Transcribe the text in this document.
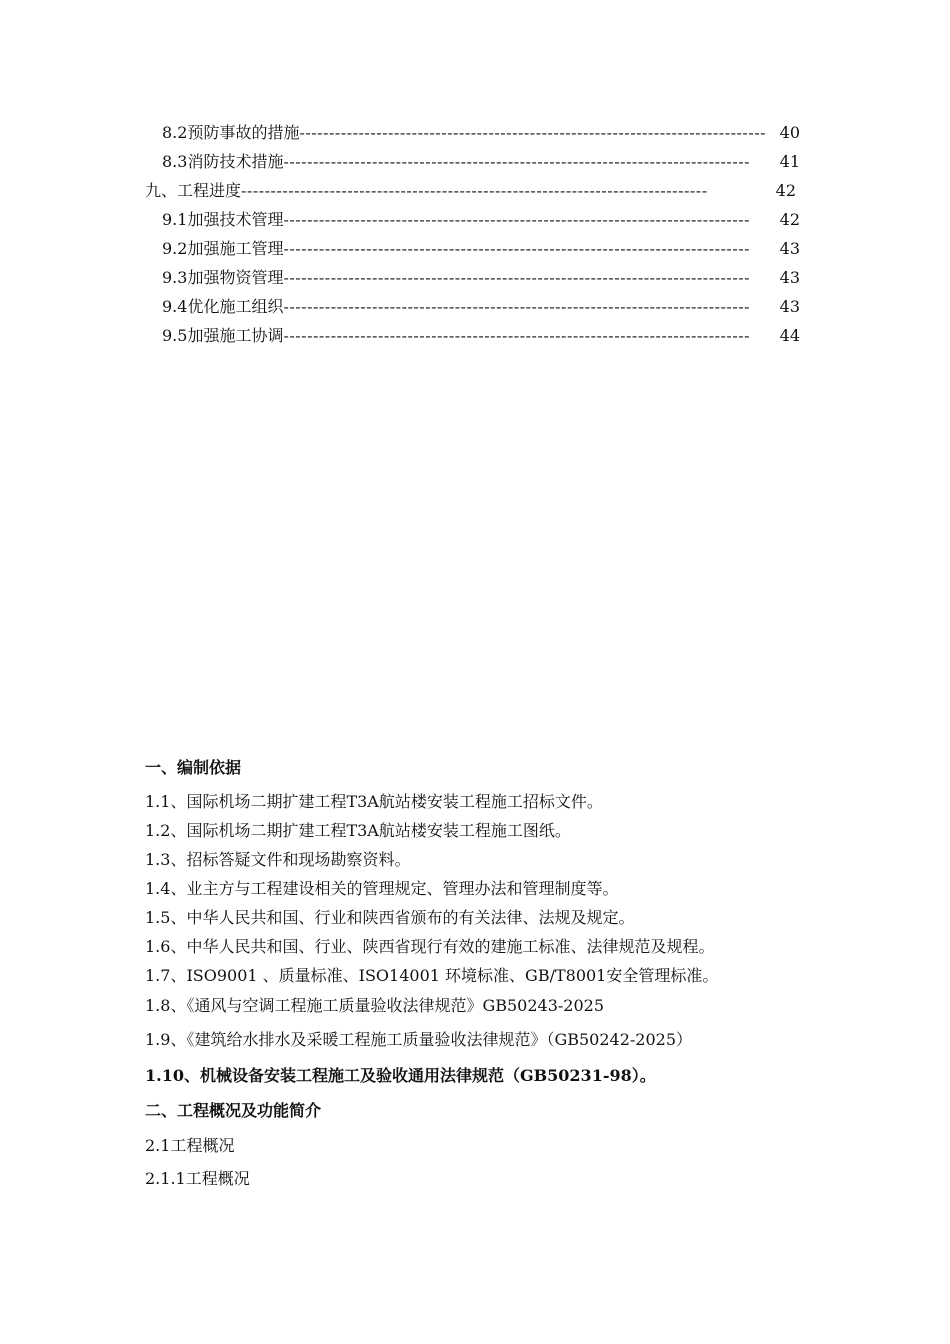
8.2预防事故的措施 ------------------------------------------------------------------------------- 40
8.3消防技术措施 -------------------------------------------------------------------------------	41
九、工程进度 -------------------------------------------------------------------------------	42
9.1加强技术管理 -------------------------------------------------------------------------------	42
9.2加强施工管理 -------------------------------------------------------------------------------	43
9.3加强物资管理 -------------------------------------------------------------------------------	43
9.4优化施工组织 -------------------------------------------------------------------------------	43
9.5加强施工协调 -------------------------------------------------------------------------------	44
一、编制依据
1.1、国际机场二期扩建工程T3A航站楼安装工程施工招标文件。
1.2、国际机场二期扩建工程T3A航站楼安装工程施工图纸。
1.3、招标答疑文件和现场勘察资料。
1.4、业主方与工程建设相关的管理规定、管理办法和管理制度等。
1.5、中华人民共和国、行业和陕西省颁布的有关法律、法规及规定。
1.6、中华人民共和国、行业、陕西省现行有效的建施工标准、法律规范及规程。
1.7、ISO9001 、质量标准、ISO14001 环境标准、GB/T8001安全管理标准。
1.8、《通风与空调工程施工质量验收法律规范》GB50243-2025
1.9、《建筑给水排水及采暖工程施工质量验收法律规范》（GB50242-2025）
1.10、机械设备安装工程施工及验收通用法律规范（GB50231-98）。
二、工程概况及功能简介
2.1工程概况
2.1.1工程概况
